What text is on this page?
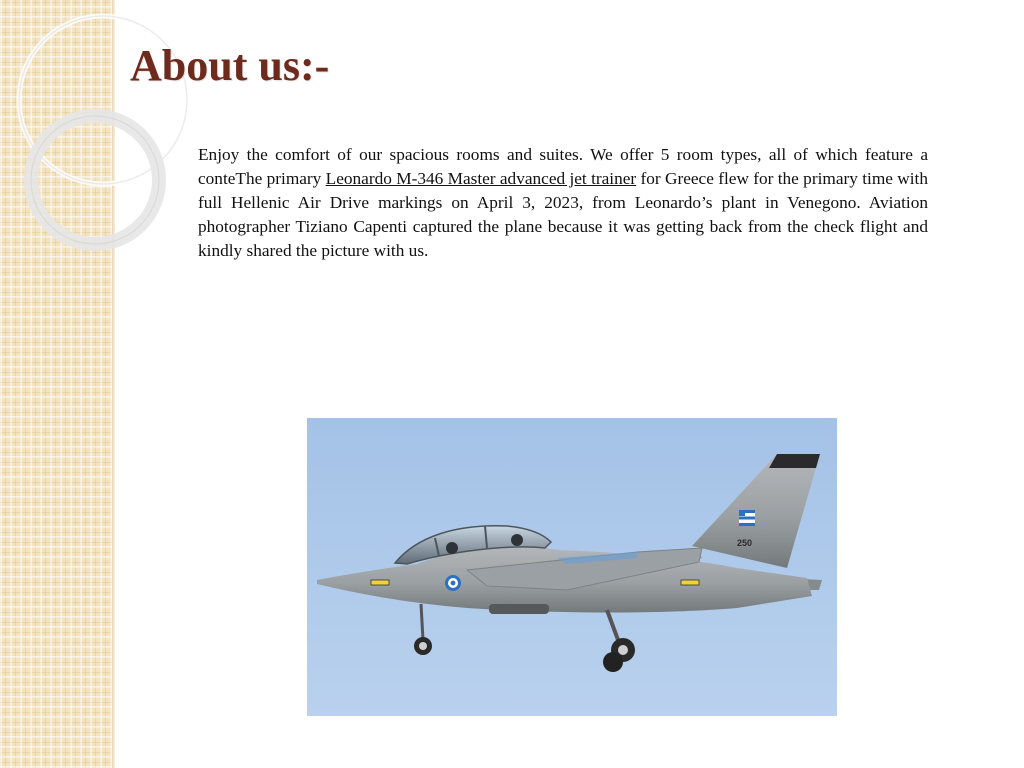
About us:-

Enjoy the comfort of our spacious rooms and suites. We offer 5 room types, all of which feature a conteThe primary Leonardo M-346 Master advanced jet trainer for Greece flew for the primary time with full Hellenic Air Drive markings on April 3, 2023, from Leonardo’s plant in Venegono. Aviation photographer Tiziano Capenti captured the plane because it was getting back from the check flight and kindly shared the picture with us.

250
